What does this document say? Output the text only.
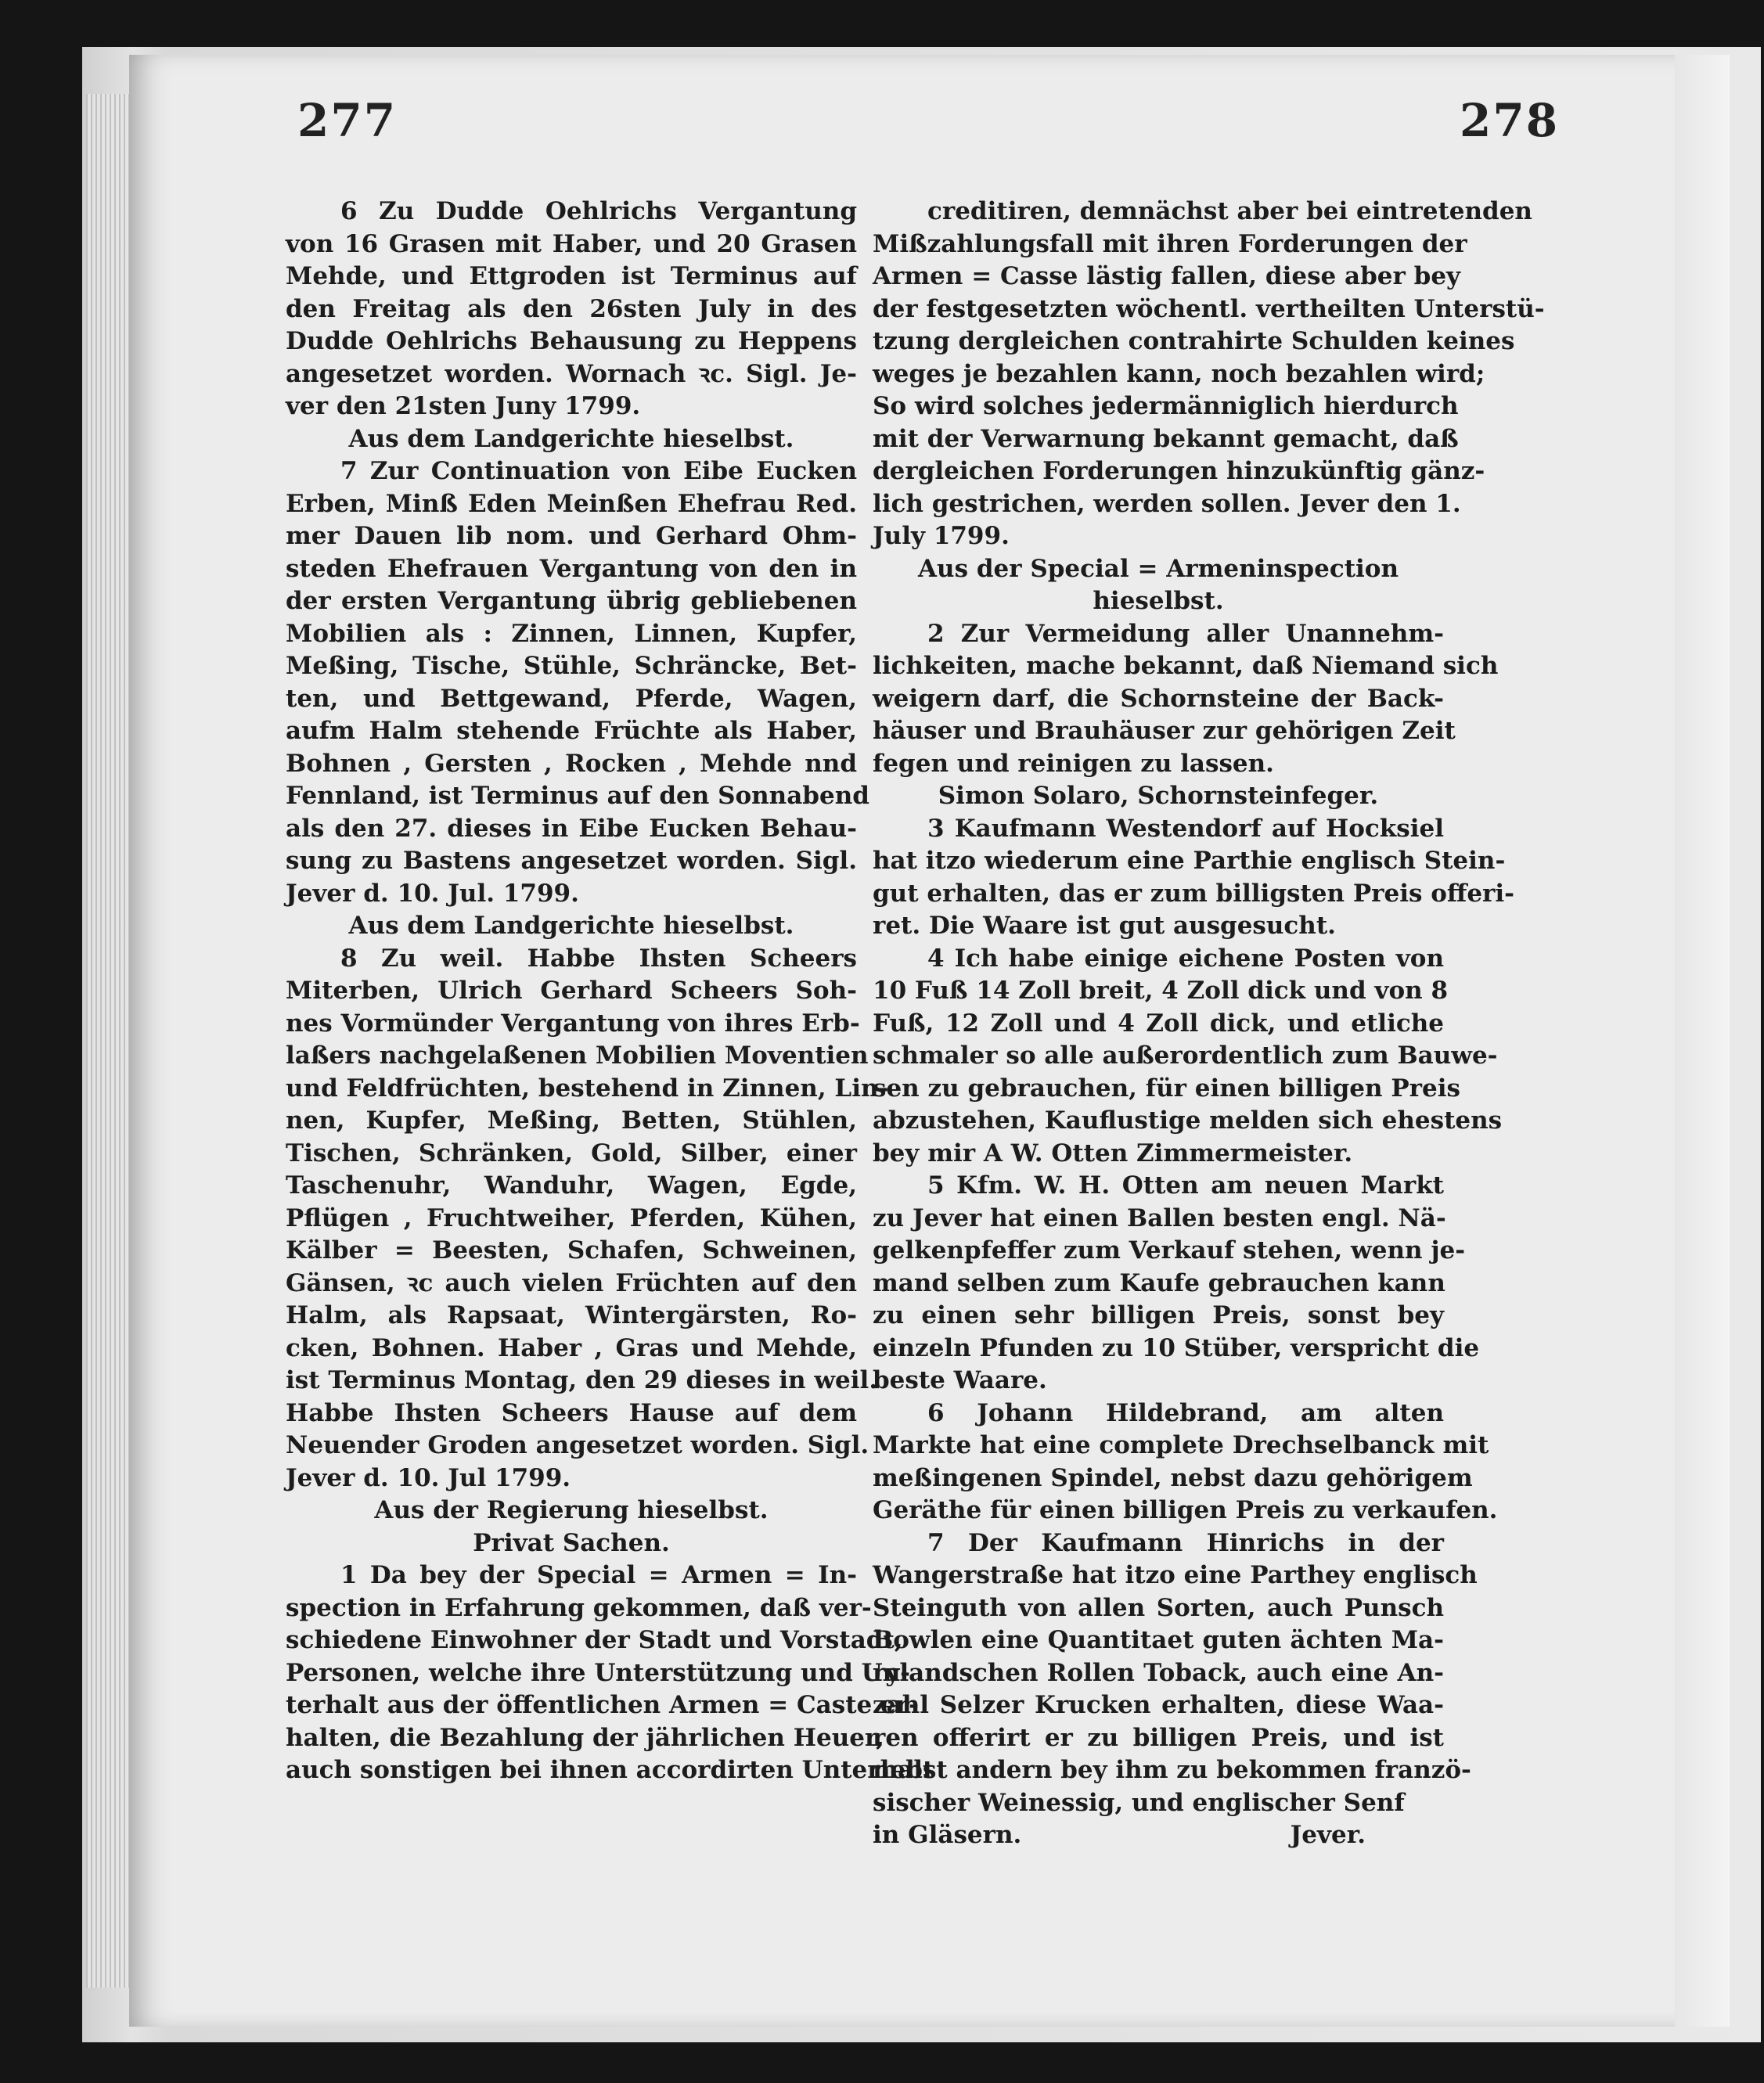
277	278
6 Zu Dudde Oehlrichs Vergantung
von 16 Grasen mit Haber, und 20 Grasen
Mehde, und Ettgroden ist Terminus auf
den Freitag als den 26sten July in des
Dudde Oehlrichs Behausung zu Heppens
angesetzet worden. Wornach ꝛc. Sigl. Je-
ver den 21sten Juny 1799.
Aus dem Landgerichte hieselbst.
7 Zur Continuation von Eibe Eucken
Erben, Minß Eden Meinßen Ehefrau Red.
mer Dauen lib nom. und Gerhard Ohm-
steden Ehefrauen Vergantung von den in
der ersten Vergantung übrig gebliebenen
Mobilien als : Zinnen, Linnen, Kupfer,
Meßing, Tische, Stühle, Schräncke, Bet-
ten, und Bettgewand, Pferde, Wagen,
aufm Halm stehende Früchte als Haber,
Bohnen , Gersten , Rocken , Mehde nnd
Fennland, ist Terminus auf den Sonnabend
als den 27. dieses in Eibe Eucken Behau-
sung zu Bastens angesetzet worden. Sigl.
Jever d. 10. Jul. 1799.
Aus dem Landgerichte hieselbst.
8 Zu weil. Habbe Ihsten Scheers
Miterben, Ulrich Gerhard Scheers Soh-
nes Vormünder Vergantung von ihres Erb-
laßers nachgelaßenen Mobilien Moventien
und Feldfrüchten, bestehend in Zinnen, Lin-
nen, Kupfer, Meßing, Betten, Stühlen,
Tischen, Schränken, Gold, Silber, einer
Taschenuhr, Wanduhr, Wagen, Egde,
Pflügen , Fruchtweiher, Pferden, Kühen,
Kälber = Beesten, Schafen, Schweinen,
Gänsen, ꝛc auch vielen Früchten auf den
Halm, als Rapsaat, Wintergärsten, Ro-
cken, Bohnen. Haber , Gras und Mehde,
ist Terminus Montag, den 29 dieses in weil.
Habbe Ihsten Scheers Hause auf dem
Neuender Groden angesetzet worden. Sigl.
Jever d. 10. Jul 1799.
Aus der Regierung hieselbst.
Privat Sachen.
1 Da bey der Special = Armen = In-
spection in Erfahrung gekommen, daß ver-
schiedene Einwohner der Stadt und Vorstadt,
Personen, welche ihre Unterstützung und Un-
terhalt aus der öffentlichen Armen = Caste er-
halten, die Bezahlung der jährlichen Heuer,
auch sonstigen bei ihnen accordirten Unterhalt
creditiren, demnächst aber bei eintretenden
Mißzahlungsfall mit ihren Forderungen der
Armen = Casse lästig fallen, diese aber bey
der festgesetzten wöchentl. vertheilten Unterstü-
tzung dergleichen contrahirte Schulden keines
weges je bezahlen kann, noch bezahlen wird;
So wird solches jedermänniglich hierdurch
mit der Verwarnung bekannt gemacht, daß
dergleichen Forderungen hinzukünftig gänz-
lich gestrichen, werden sollen. Jever den 1.
July 1799.
Aus der Special = Armeninspection hieselbst.
2 Zur Vermeidung aller Unannehm-
lichkeiten, mache bekannt, daß Niemand sich
weigern darf, die Schornsteine der Back-
häuser und Brauhäuser zur gehörigen Zeit
fegen und reinigen zu lassen.
Simon Solaro, Schornsteinfeger.
3 Kaufmann Westendorf auf Hocksiel
hat itzo wiederum eine Parthie englisch Stein-
gut erhalten, das er zum billigsten Preis offeri-
ret. Die Waare ist gut ausgesucht.
4 Ich habe einige eichene Posten von
10 Fuß 14 Zoll breit, 4 Zoll dick und von 8
Fuß, 12 Zoll und 4 Zoll dick, und etliche
schmaler so alle außerordentlich zum Bauwe-
sen zu gebrauchen, für einen billigen Preis
abzustehen, Kauflustige melden sich ehestens
bey mir A W. Otten Zimmermeister.
5 Kfm. W. H. Otten am neuen Markt
zu Jever hat einen Ballen besten engl. Nä-
gelkenpfeffer zum Verkauf stehen, wenn je-
mand selben zum Kaufe gebrauchen kann
zu einen sehr billigen Preis, sonst bey
einzeln Pfunden zu 10 Stüber, verspricht die
beste Waare.
6 Johann Hildebrand, am alten
Markte hat eine complete Drechselbanck mit
meßingenen Spindel, nebst dazu gehörigem
Geräthe für einen billigen Preis zu verkaufen.
7 Der Kaufmann Hinrichs in der
Wangerstraße hat itzo eine Parthey englisch
Steinguth von allen Sorten, auch Punsch
Bowlen eine Quantitaet guten ächten Ma-
rylandschen Rollen Toback, auch eine An-
zahl Selzer Krucken erhalten, diese Waa-
ren offerirt er zu billigen Preis, und ist
nebst andern bey ihm zu bekommen franzö-
sischer Weinessig, und englischer Senf
in Gläsern.	Jever.
